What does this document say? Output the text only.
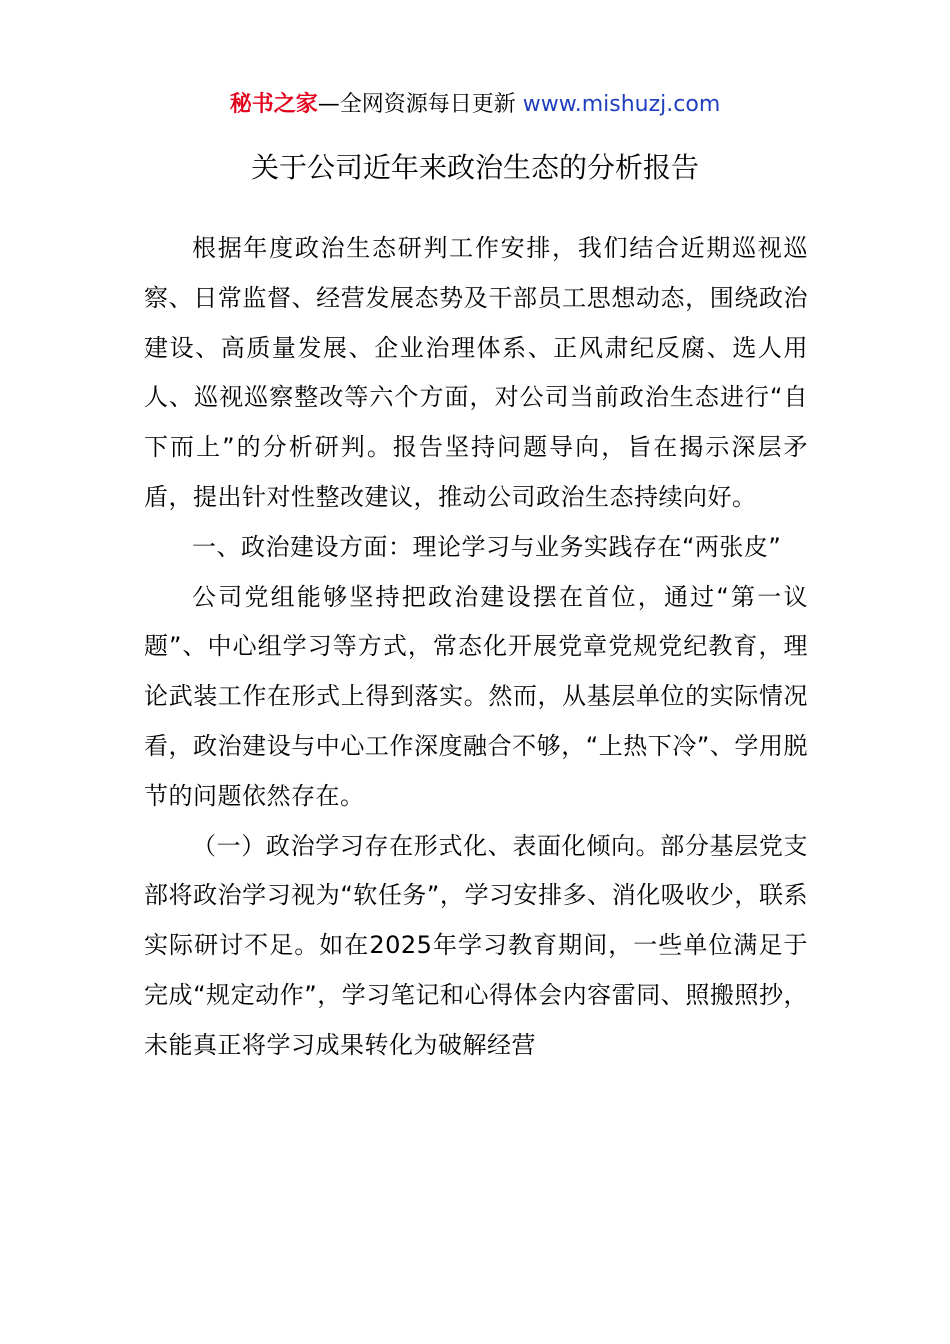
秘书之家—全网资源每日更新 www.mishuzj.com
关于公司近年来政治生态的分析报告

根据年度政治生态研判工作安排，我们结合近期巡视巡察、日常监督、经营发展态势及干部员工思想动态，围绕政治建设、高质量发展、企业治理体系、正风肃纪反腐、选人用人、巡视巡察整改等六个方面，对公司当前政治生态进行“自下而上”的分析研判。报告坚持问题导向，旨在揭示深层矛盾，提出针对性整改建议，推动公司政治生态持续向好。

一、政治建设方面：理论学习与业务实践存在“两张皮”

公司党组能够坚持把政治建设摆在首位，通过“第一议题”、中心组学习等方式，常态化开展党章党规党纪教育，理论武装工作在形式上得到落实。然而，从基层单位的实际情况看，政治建设与中心工作深度融合不够，“上热下冷”、学用脱节的问题依然存在。

（一）政治学习存在形式化、表面化倾向。部分基层党支部将政治学习视为“软任务”，学习安排多、消化吸收少，联系实际研讨不足。如在2025年学习教育期间，一些单位满足于完成“规定动作”，学习笔记和心得体会内容雷同、照搬照抄，未能真正将学习成果转化为破解经营
